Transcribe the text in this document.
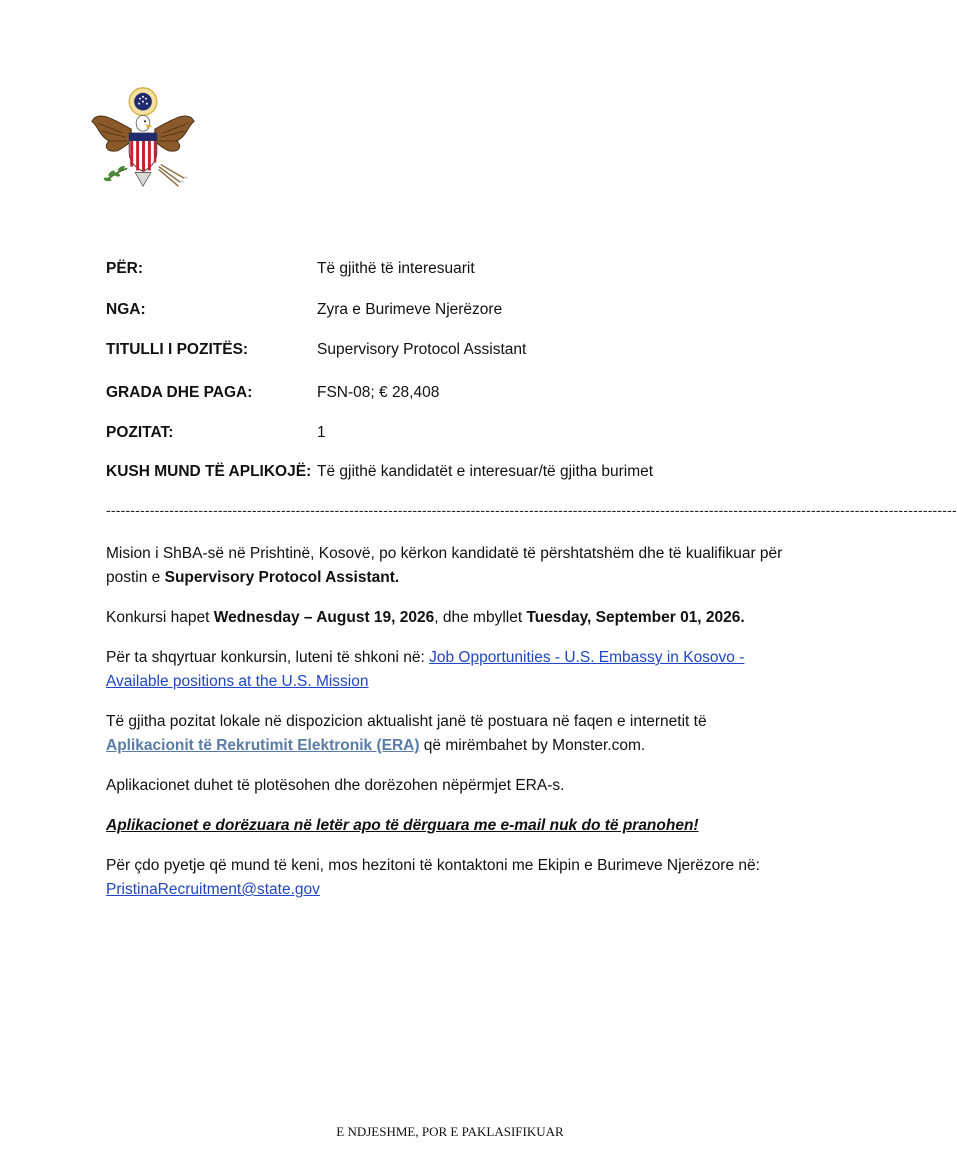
PËR:	Të gjithë të interesuarit
NGA:	Zyra e Burimeve Njerëzore
TITULLI I POZITËS:	Supervisory Protocol Assistant
GRADA DHE PAGA:	FSN-08; € 28,408
POZITAT:	1
KUSH MUND TË APLIKOJË: Të gjithë kandidatët e interesuar/të gjitha burimet
-------------------------------------------------------------------------------------------------------------------------------------------------------------------------------

Mision i ShBA-së në Prishtinë, Kosovë, po kërkon kandidatë të përshtatshëm dhe të kualifikuar për postin e Supervisory Protocol Assistant.

Konkursi hapet Wednesday – August 19, 2026, dhe mbyllet Tuesday, September 01, 2026.

Për ta shqyrtuar konkursin, luteni të shkoni në: Job Opportunities - U.S. Embassy in Kosovo - Available positions at the U.S. Mission

Të gjitha pozitat lokale në dispozicion aktualisht janë të postuara në faqen e internetit të Aplikacionit të Rekrutimit Elektronik (ERA) që mirëmbahet by Monster.com.

Aplikacionet duhet të plotësohen dhe dorëzohen nëpërmjet ERA-s.

Aplikacionet e dorëzuara në letër apo të dërguara me e-mail nuk do të pranohen!

Për çdo pyetje që mund të keni, mos hezitoni të kontaktoni me Ekipin e Burimeve Njerëzore në: PristinaRecruitment@state.gov

E NDJESHME, POR E PAKLASIFIKUAR
